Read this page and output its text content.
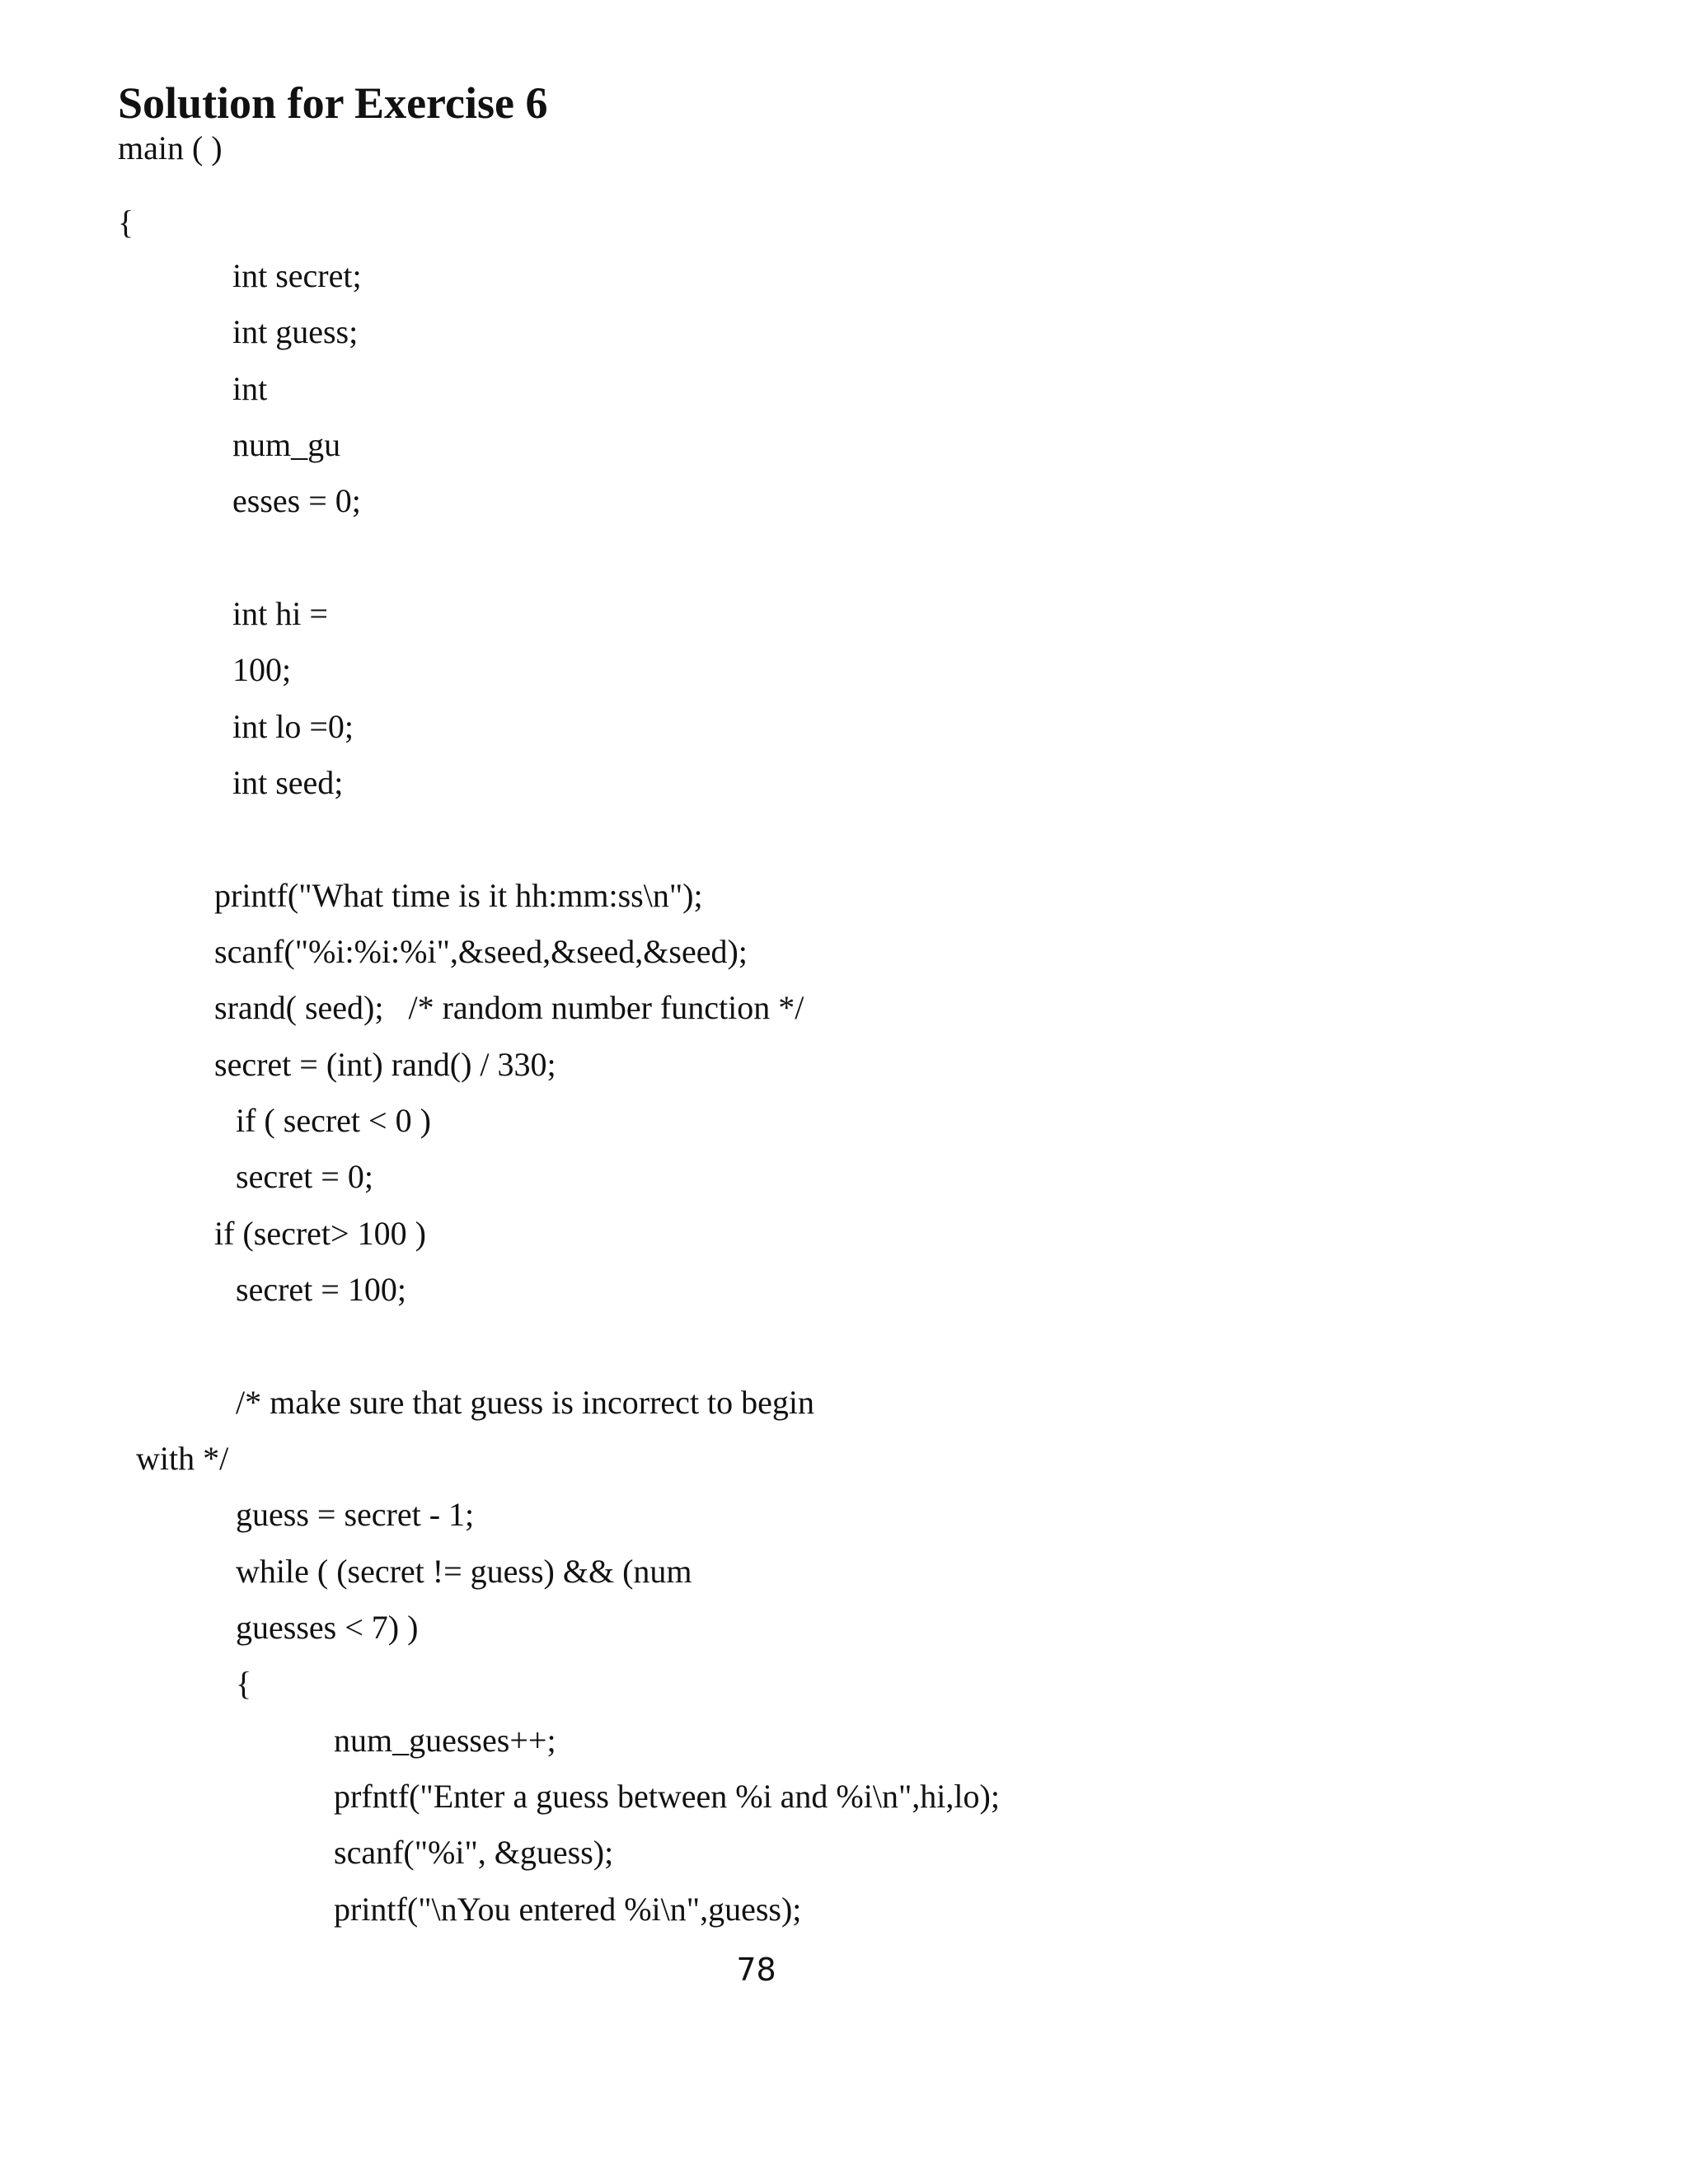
Solution for Exercise 6
main ( )
{
int secret;
int guess;
int
num_gu
esses = 0;
int hi =
100;
int lo =0;
int seed;
printf("What time is it hh:mm:ss\n");
scanf("%i:%i:%i",&seed,&seed,&seed);
srand( seed);   /* random number function */
secret = (int) rand() / 330;
if ( secret < 0 )
secret = 0;
if (secret> 100 )
secret = 100;
/* make sure that guess is incorrect to begin
with */
guess = secret - 1;
while ( (secret != guess) && (num
guesses < 7) )
{
num_guesses++;
prfntf("Enter a guess between %i and %i\n",hi,lo);
scanf("%i", &guess);
printf("\nYou entered %i\n",guess);
78
